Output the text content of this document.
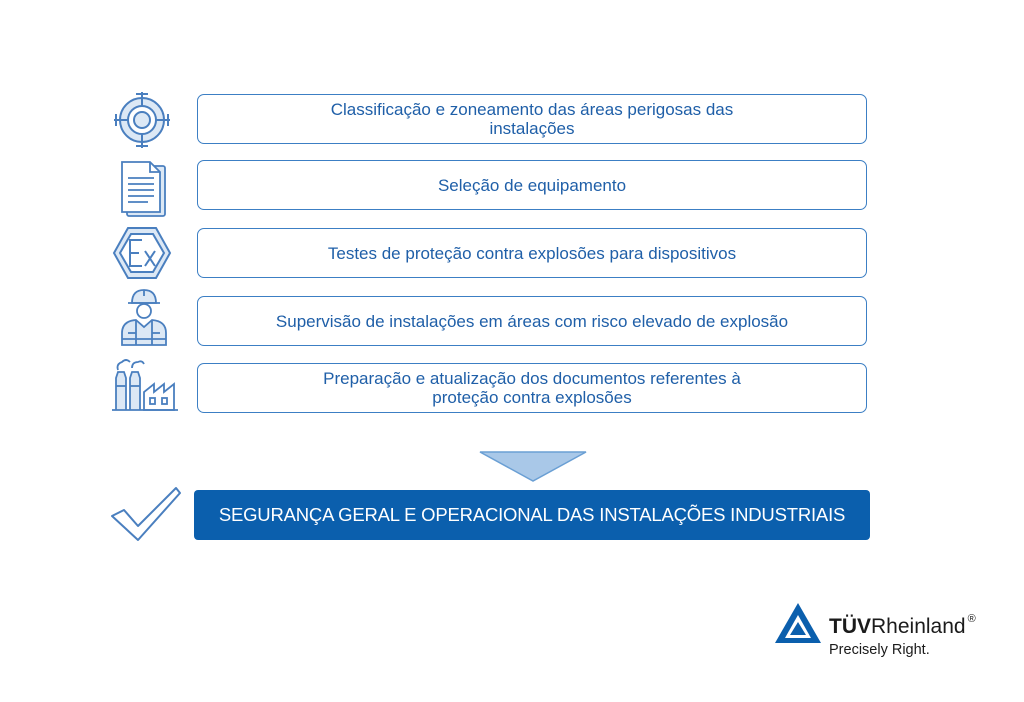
Classificação e zoneamento das áreas perigosas das
instalações
Seleção de equipamento
Testes de proteção contra explosões para dispositivos
Supervisão de instalações em áreas com risco elevado de explosão
Preparação e atualização dos documentos referentes à
proteção contra explosões
SEGURANÇA GERAL E OPERACIONAL DAS INSTALAÇÕES INDUSTRIAIS
TÜVRheinland ®
Precisely Right.
